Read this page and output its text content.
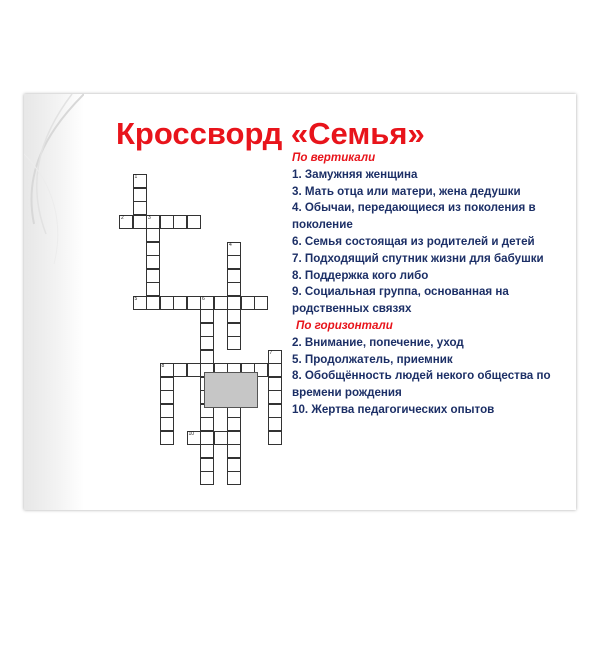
Кроссворд «Семья»
1
2	3
4
5	6
7
8
10
По вертикали
1. Замужняя женщина
3. Мать отца или матери, жена дедушки
4. Обычаи, передающиеся из поколения в поколение
6. Семья состоящая из родителей и детей
7. Подходящий спутник жизни для бабушки
8. Поддержка кого либо
9. Социальная группа, основанная на родственных связях
По горизонтали
2. Внимание, попечение, уход
5. Продолжатель, приемник
8. Обобщённость людей некого общества по времени рождения
10. Жертва педагогических опытов
